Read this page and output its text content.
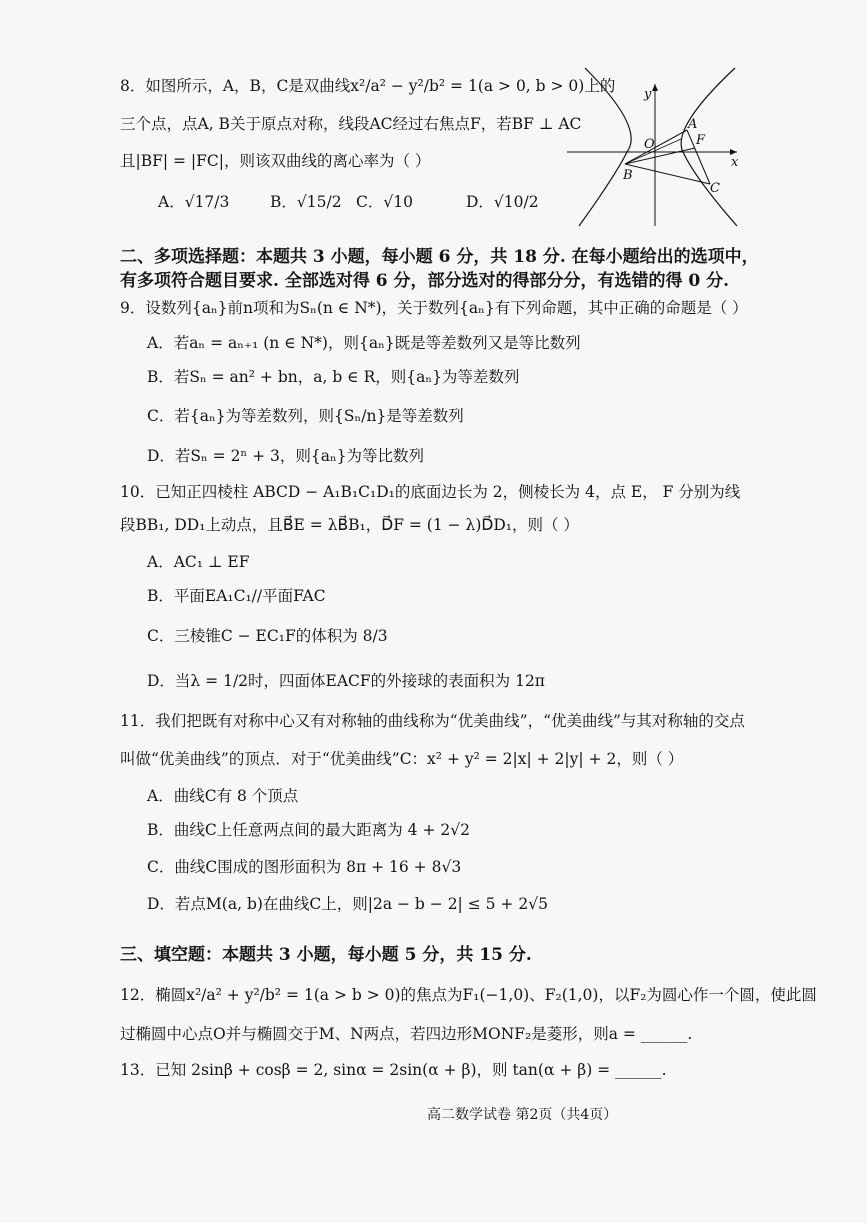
8．如图所示，A，B，C是双曲线x²/a² − y²/b² = 1(a > 0, b > 0)上的
三个点，点A, B关于原点对称，线段AC经过右焦点F，若BF ⊥ AC
且|BF| = |FC|，则该双曲线的离心率为（ ）
A．√17/3	B．√15/2 C．√10	D．√10/2
y
x
O
A
F
B
C
二、多项选择题：本题共 3 小题，每小题 6 分，共 18 分. 在每小题给出的选项中，
有多项符合题目要求. 全部选对得 6 分，部分选对的得部分分，有选错的得 0 分.
9．设数列{aₙ}前n项和为Sₙ(n ∈ N*)，关于数列{aₙ}有下列命题，其中正确的命题是（ ）
A．若aₙ = aₙ₊₁ (n ∈ N*)，则{aₙ}既是等差数列又是等比数列
B．若Sₙ = an² + bn，a, b ∈ R，则{aₙ}为等差数列
C．若{aₙ}为等差数列，则{Sₙ/n}是等差数列
D．若Sₙ = 2ⁿ + 3，则{aₙ}为等比数列
10．已知正四棱柱 ABCD − A₁B₁C₁D₁的底面边长为 2，侧棱长为 4，点 E， F 分别为线
段BB₁, DD₁上动点，且B⃗E = λB⃗B₁，D⃗F = (1 − λ)D⃗D₁，则（ ）
A．AC₁ ⊥ EF
B．平面EA₁C₁//平面FAC
C．三棱锥C − EC₁F的体积为 8/3
D．当λ = 1/2时，四面体EACF的外接球的表面积为 12π
11．我们把既有对称中心又有对称轴的曲线称为“优美曲线”，“优美曲线”与其对称轴的交点
叫做“优美曲线”的顶点．对于“优美曲线”C：x² + y² = 2|x| + 2|y| + 2，则（ ）
A．曲线C有 8 个顶点
B．曲线C上任意两点间的最大距离为 4 + 2√2
C．曲线C围成的图形面积为 8π + 16 + 8√3
D．若点M(a, b)在曲线C上，则|2a − b − 2| ≤ 5 + 2√5
三、填空题：本题共 3 小题，每小题 5 分，共 15 分.
12．椭圆x²/a² + y²/b² = 1(a > b > 0)的焦点为F₁(−1,0)、F₂(1,0)，以F₂为圆心作一个圆，使此圆
过椭圆中心点O并与椭圆交于M、N两点，若四边形MONF₂是菱形，则a = ______.
13．已知 2sinβ + cosβ = 2, sinα = 2sin(α + β)，则 tan(α + β) = ______.
高二数学试卷 第2页（共4页）
